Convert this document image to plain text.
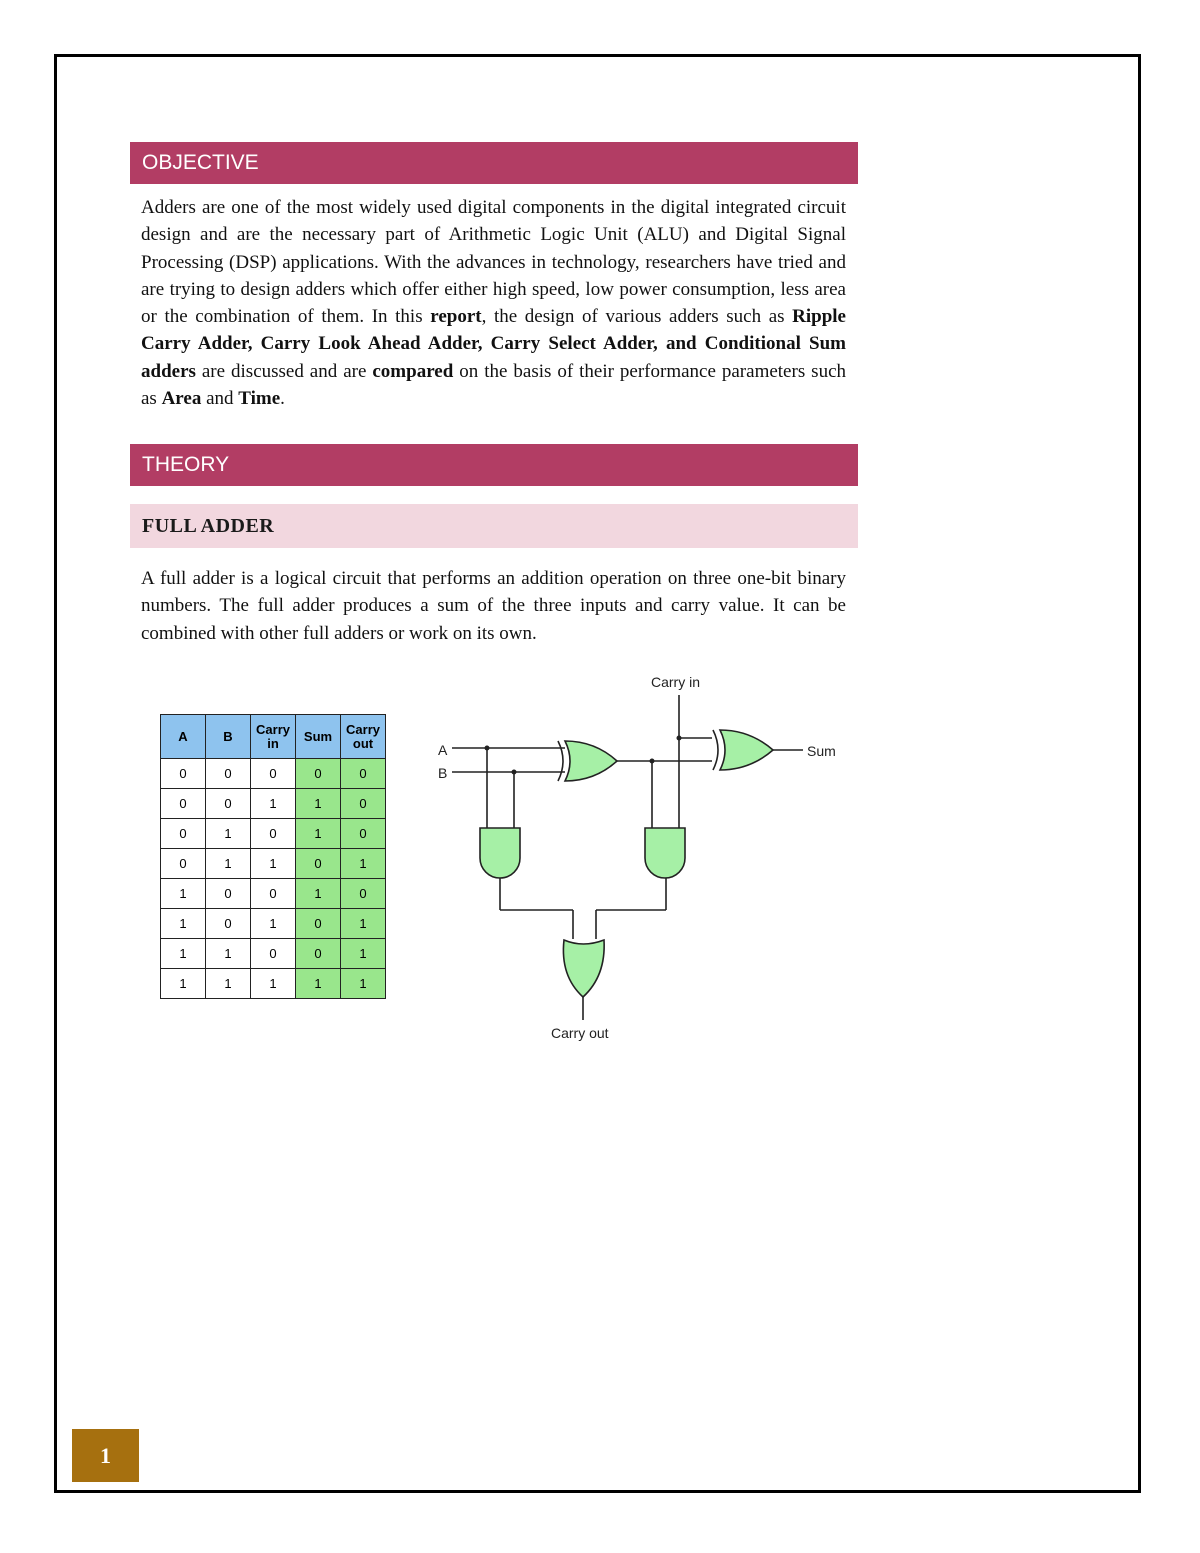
OBJECTIVE

Adders are one of the most widely used digital components in the digital integrated circuit design and are the necessary part of Arithmetic Logic Unit (ALU) and Digital Signal Processing (DSP) applications. With the advances in technology, researchers have tried and are trying to design adders which offer either high speed, low power consumption, less area or the combination of them. In this report, the design of various adders such as Ripple Carry Adder, Carry Look Ahead Adder, Carry Select Adder, and Conditional Sum adders are discussed and are compared on the basis of their performance parameters such as Area and Time.

THEORY
FULL ADDER

A full adder is a logical circuit that performs an addition operation on three one-bit binary numbers. The full adder produces a sum of the three inputs and carry value. It can be combined with other full adders or work on its own.

A	B	Carry in	Sum	Carry out
0	0	0	0	0
0	0	1	1	0
0	1	0	1	0
0	1	1	0	1
1	0	0	1	0
1	0	1	0	1
1	1	0	0	1
1	1	1	1	1
Carry in
A
B
Sum
Carry out
1
